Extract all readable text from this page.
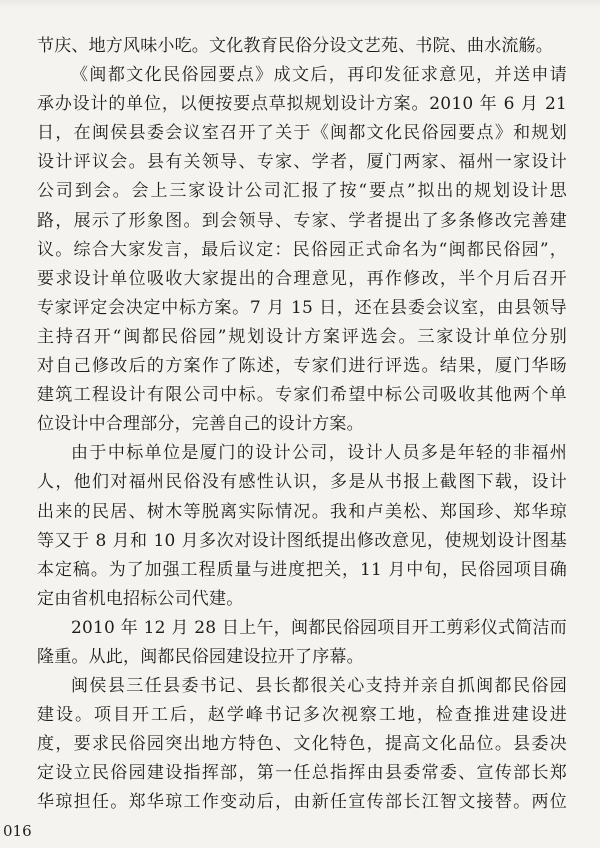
节庆、地方风味小吃。文化教育民俗分设文艺苑、书院、曲水流觞。
《闽都文化民俗园要点》成文后，再印发征求意见，并送申请
承办设计的单位，以便按要点草拟规划设计方案。2010 年 6 月 21
日，在闽侯县委会议室召开了关于《闽都文化民俗园要点》和规划
设计评议会。县有关领导、专家、学者，厦门两家、福州一家设计
公司到会。会上三家设计公司汇报了按“要点”拟出的规划设计思
路，展示了形象图。到会领导、专家、学者提出了多条修改完善建
议。综合大家发言，最后议定：民俗园正式命名为“闽都民俗园”，
要求设计单位吸收大家提出的合理意见，再作修改，半个月后召开
专家评定会决定中标方案。7 月 15 日，还在县委会议室，由县领导
主持召开“闽都民俗园”规划设计方案评选会。三家设计单位分别
对自己修改后的方案作了陈述，专家们进行评选。结果，厦门华旸
建筑工程设计有限公司中标。专家们希望中标公司吸收其他两个单
位设计中合理部分，完善自己的设计方案。
由于中标单位是厦门的设计公司，设计人员多是年轻的非福州
人，他们对福州民俗没有感性认识，多是从书报上截图下载，设计
出来的民居、树木等脱离实际情况。我和卢美松、郑国珍、郑华琼
等又于 8 月和 10 月多次对设计图纸提出修改意见，使规划设计图基
本定稿。为了加强工程质量与进度把关，11 月中旬，民俗园项目确
定由省机电招标公司代建。
2010 年 12 月 28 日上午，闽都民俗园项目开工剪彩仪式简洁而
隆重。从此，闽都民俗园建设拉开了序幕。
闽侯县三任县委书记、县长都很关心支持并亲自抓闽都民俗园
建设。项目开工后，赵学峰书记多次视察工地，检查推进建设进
度，要求民俗园突出地方特色、文化特色，提高文化品位。县委决
定设立民俗园建设指挥部，第一任总指挥由县委常委、宣传部长郑
华琼担任。郑华琼工作变动后，由新任宣传部长江智文接替。两位
016
